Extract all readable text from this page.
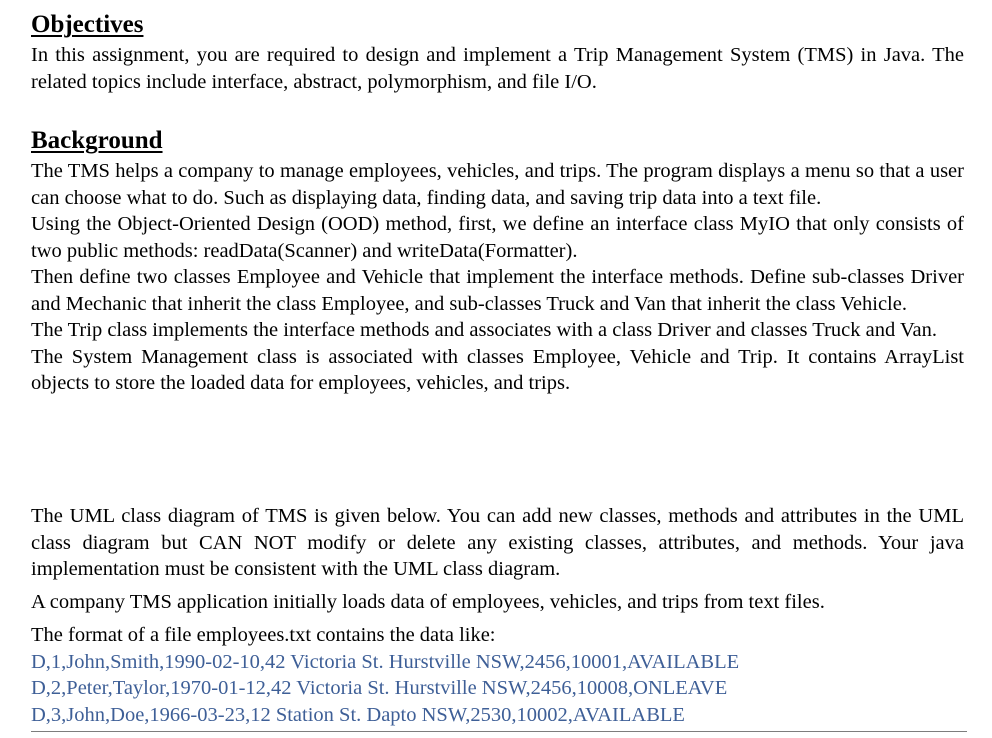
Objectives

In this assignment, you are required to design and implement a Trip Management System (TMS) in Java. The related topics include interface, abstract, polymorphism, and file I/O.

Background

The TMS helps a company to manage employees, vehicles, and trips. The program displays a menu so that a user can choose what to do. Such as displaying data, finding data, and saving trip data into a text file.

Using the Object-Oriented Design (OOD) method, first, we define an interface class MyIO that only consists of two public methods: readData(Scanner) and writeData(Formatter).

Then define two classes Employee and Vehicle that implement the interface methods. Define sub-classes Driver and Mechanic that inherit the class Employee, and sub-classes Truck and Van that inherit the class Vehicle.

The Trip class implements the interface methods and associates with a class Driver and classes Truck and Van.

The System Management class is associated with classes Employee, Vehicle and Trip. It contains ArrayList objects to store the loaded data for employees, vehicles, and trips.

The UML class diagram of TMS is given below. You can add new classes, methods and attributes in the UML class diagram but CAN NOT modify or delete any existing classes, attributes, and methods. Your java implementation must be consistent with the UML class diagram.

A company TMS application initially loads data of employees, vehicles, and trips from text files.

The format of a file employees.txt contains the data like:

D,1,John,Smith,1990-02-10,42 Victoria St. Hurstville NSW,2456,10001,AVAILABLE
D,2,Peter,Taylor,1970-01-12,42 Victoria St. Hurstville NSW,2456,10008,ONLEAVE
D,3,John,Doe,1966-03-23,12 Station St. Dapto NSW,2530,10002,AVAILABLE
